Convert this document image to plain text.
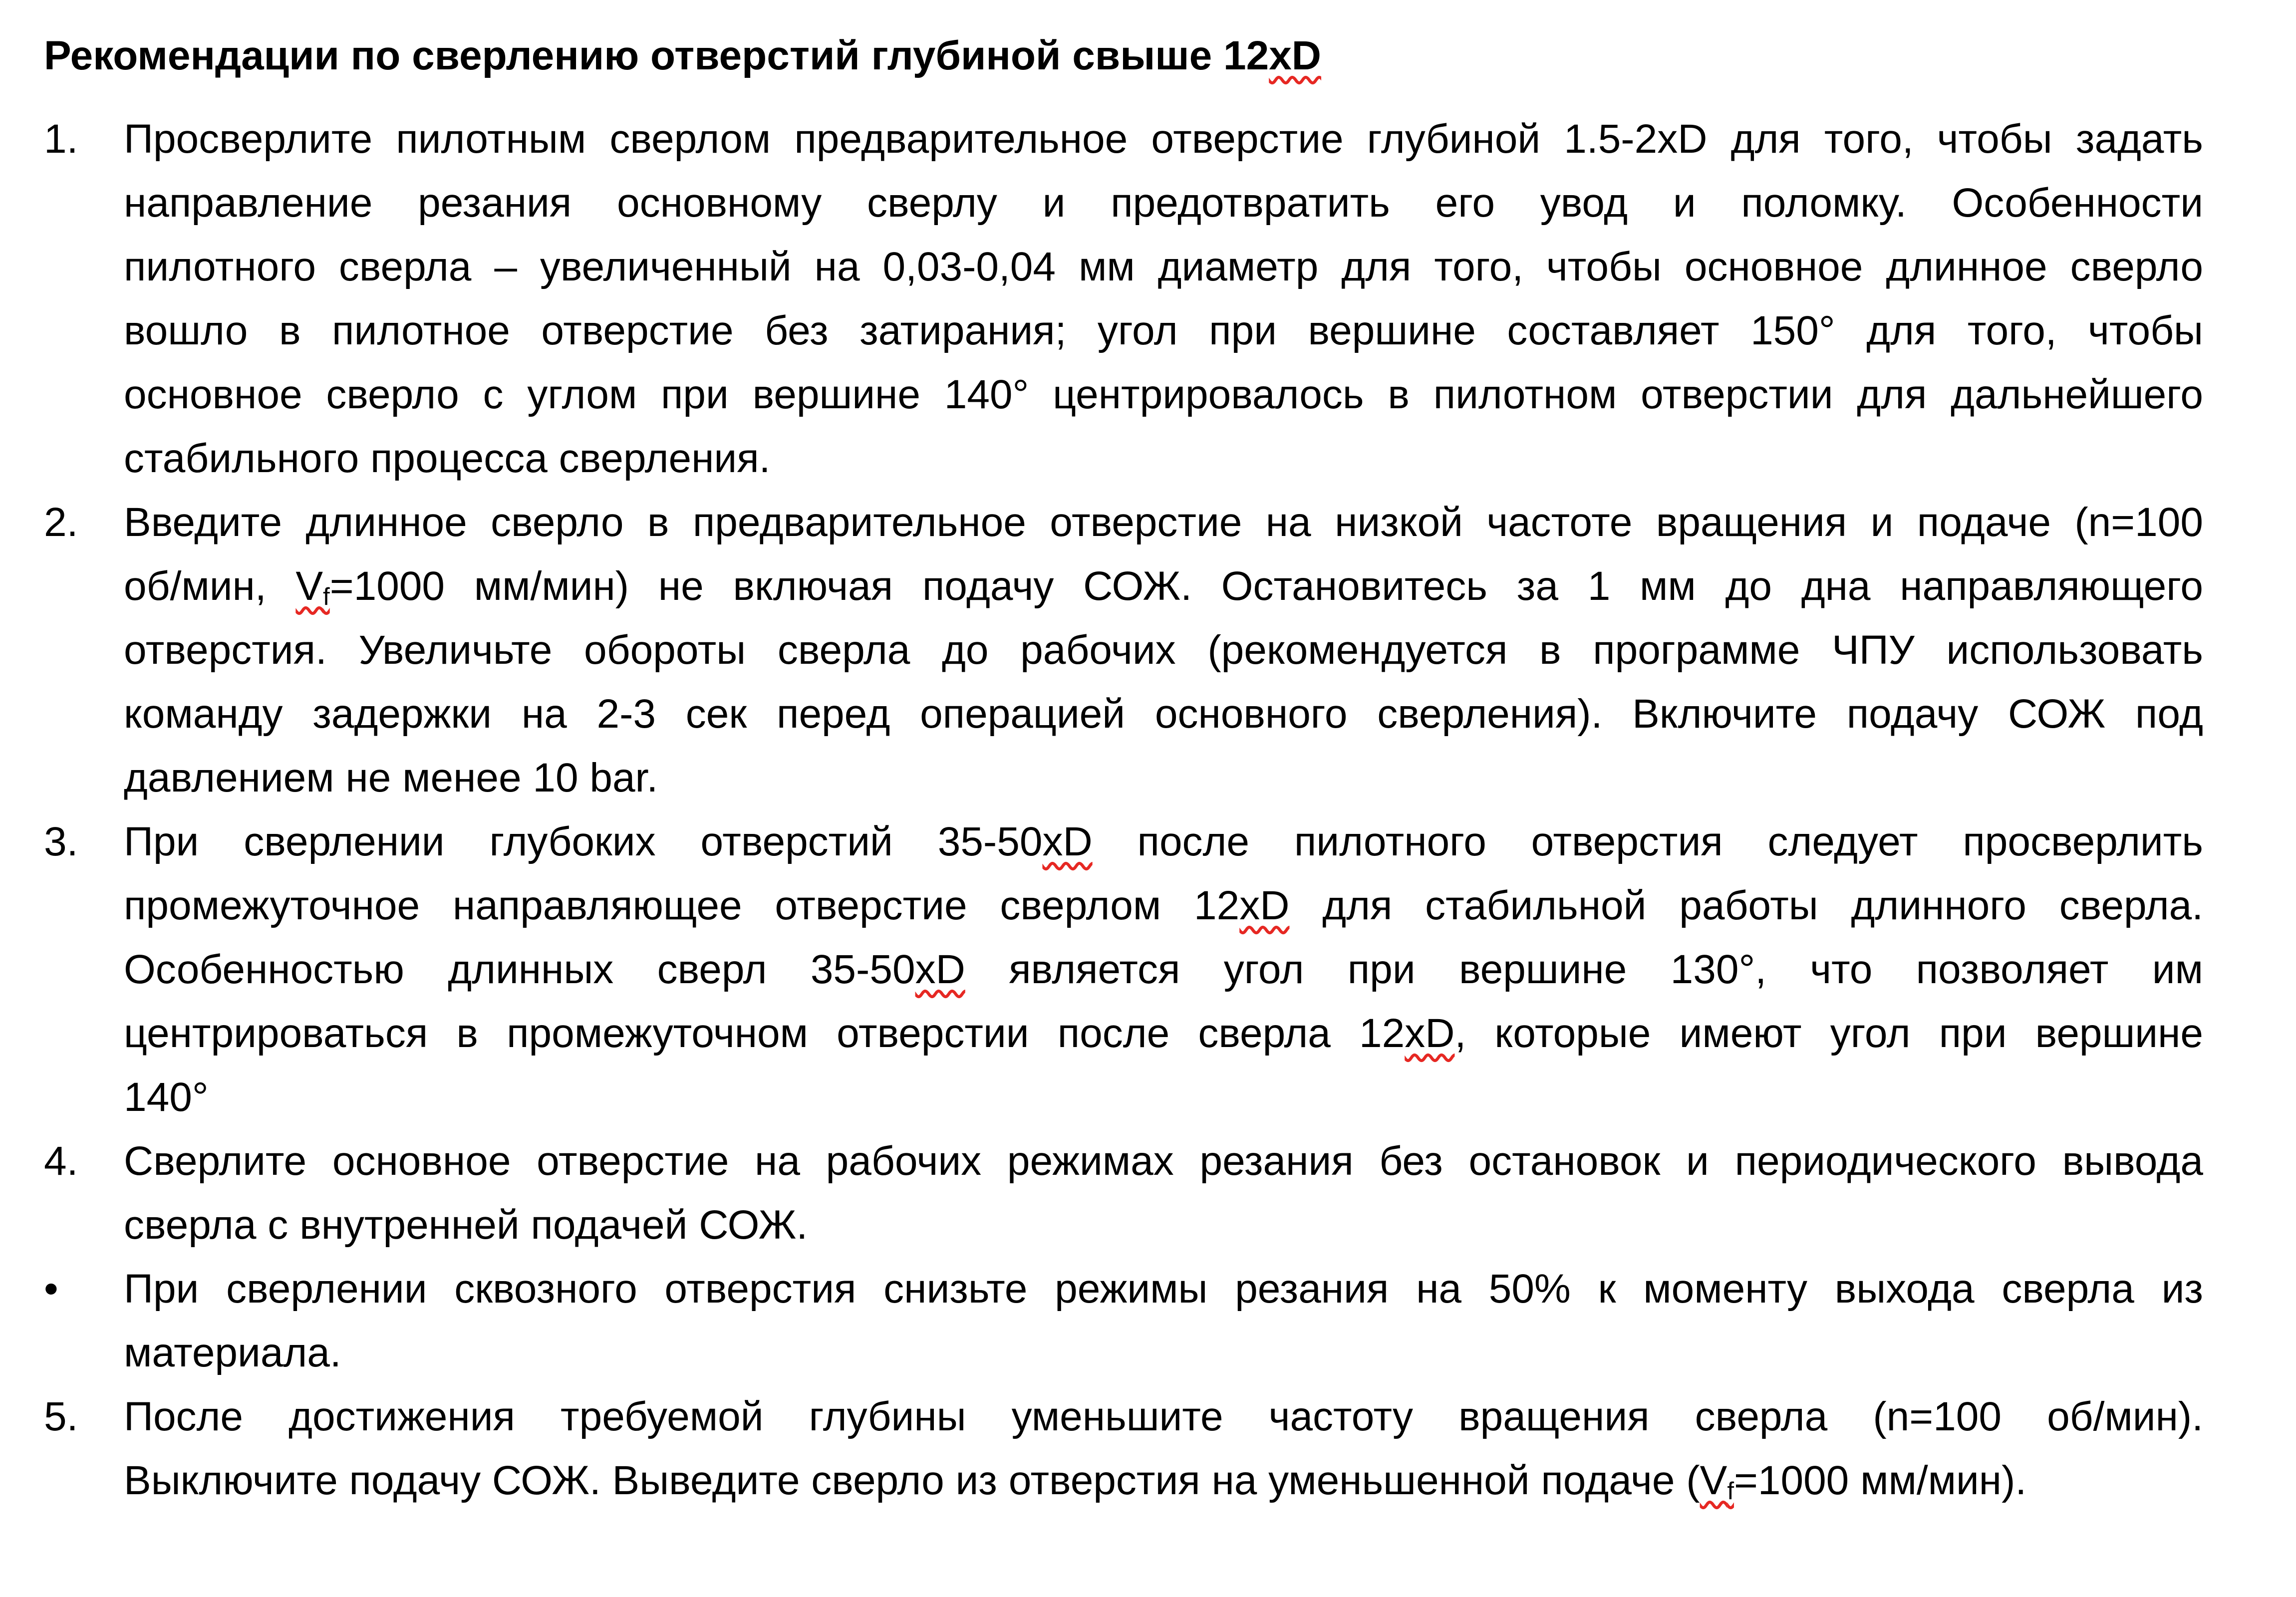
Рекомендации по сверлению отверстий глубиной свыше 12xD
1.	Просверлите пилотным сверлом предварительное отверстие глубиной 1.5-2xD для того, чтобы задать
направление резания основному сверлу и предотвратить его увод и поломку. Особенности
пилотного сверла – увеличенный на 0,03-0,04 мм диаметр для того, чтобы основное длинное сверло
вошло в пилотное отверстие без затирания; угол при вершине составляет 150° для того, чтобы
основное сверло с углом при вершине 140° центрировалось в пилотном отверстии для дальнейшего
стабильного процесса сверления.
2.	Введите длинное сверло в предварительное отверстие на низкой частоте вращения и подаче (n=100
об/мин, Vf=1000 мм/мин) не включая подачу СОЖ. Остановитесь за 1 мм до дна направляющего
отверстия. Увеличьте обороты сверла до рабочих (рекомендуется в программе ЧПУ использовать
команду задержки на 2-3 сек перед операцией основного сверления). Включите подачу СОЖ под
давлением не менее 10 bar.
3.	При сверлении глубоких отверстий 35-50xD после пилотного отверстия следует просверлить
промежуточное направляющее отверстие сверлом 12xD для стабильной работы длинного сверла.
Особенностью длинных сверл 35-50xD является угол при вершине 130°, что позволяет им
центрироваться в промежуточном отверстии после сверла 12xD, которые имеют угол при вершине
140°
4.	Сверлите основное отверстие на рабочих режимах резания без остановок и периодического вывода
сверла с внутренней подачей СОЖ.
•	При сверлении сквозного отверстия снизьте режимы резания на 50% к моменту выхода сверла из
материала.
5.	После достижения требуемой глубины уменьшите частоту вращения сверла (n=100 об/мин).
Выключите подачу СОЖ. Выведите сверло из отверстия на уменьшенной подаче (Vf=1000 мм/мин).
